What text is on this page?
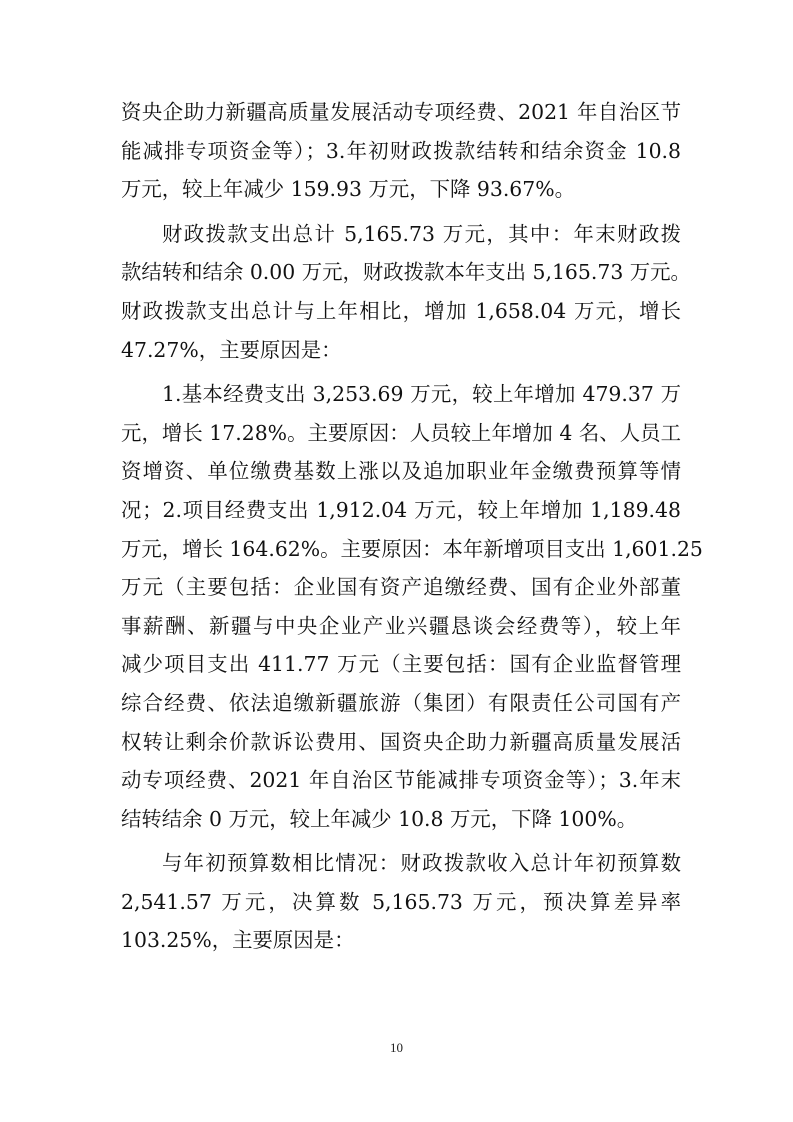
资央企助力新疆高质量发展活动专项经费、2021 年自治区节
能减排专项资金等）；3.年初财政拨款结转和结余资金 10.8
万元，较上年减少 159.93 万元，下降 93.67%。
财政拨款支出总计 5,165.73 万元，其中：年末财政拨
款结转和结余 0.00 万元，财政拨款本年支出 5,165.73 万元。
财政拨款支出总计与上年相比，增加 1,658.04 万元，增长
47.27%，主要原因是：
1.基本经费支出 3,253.69 万元，较上年增加 479.37 万
元，增长 17.28%。主要原因：人员较上年增加 4 名、人员工
资增资、单位缴费基数上涨以及追加职业年金缴费预算等情
况；2.项目经费支出 1,912.04 万元，较上年增加 1,189.48
万元，增长 164.62%。主要原因：本年新增项目支出 1,601.25
万元（主要包括：企业国有资产追缴经费、国有企业外部董
事薪酬、新疆与中央企业产业兴疆恳谈会经费等），较上年
减少项目支出 411.77 万元（主要包括：国有企业监督管理
综合经费、依法追缴新疆旅游（集团）有限责任公司国有产
权转让剩余价款诉讼费用、国资央企助力新疆高质量发展活
动专项经费、2021 年自治区节能减排专项资金等）；3.年末
结转结余 0 万元，较上年减少 10.8 万元，下降 100%。
与年初预算数相比情况：财政拨款收入总计年初预算数
2,541.57 万元，决算数 5,165.73 万元，预决算差异率
103.25%，主要原因是：
10
